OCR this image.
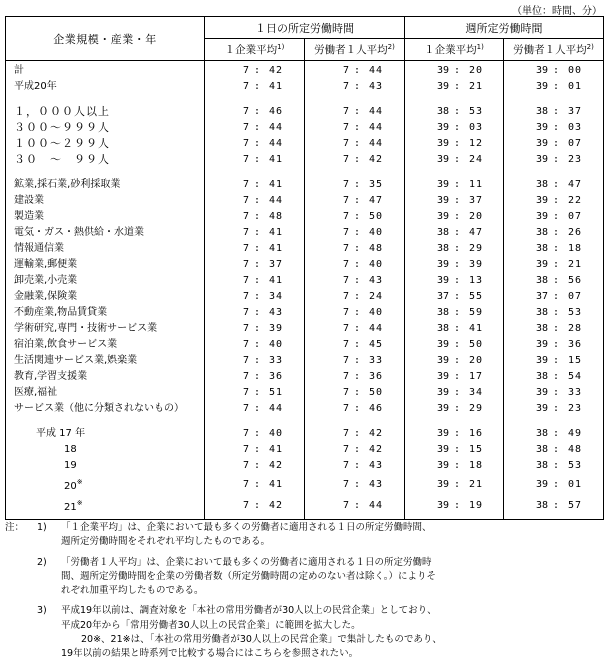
（単位：時間、分）
企業規模・産業・年	１日の所定労働時間		週所定労働時間	
	１企業平均$^{1)}$	労働者１人平均$^{2)}$	１企業平均$^{1)}$	労働者１人平均$^{2)}$
計	7 : 42	7 : 44	39 : 20	39 : 00

平成20年	7 : 41	7 : 43	39 : 21	39 : 01

１，０００人以上	7 : 46	7 : 44	38 : 53	38 : 37

３００～９９９人	7 : 44	7 : 44	39 : 03	39 : 03

１００～２９９人	7 : 44	7 : 44	39 : 12	39 : 07

３０　～　９９人	7 : 41	7 : 42	39 : 24	39 : 23

鉱業,採石業,砂利採取業	7 : 41	7 : 35	39 : 11	38 : 47

建設業	7 : 44	7 : 47	39 : 37	39 : 22

製造業	7 : 48	7 : 50	39 : 20	39 : 07

電気・ガス・熱供給・水道業	7 : 41	7 : 40	38 : 47	38 : 26

情報通信業	7 : 41	7 : 48	38 : 29	38 : 18

運輸業,郵便業	7 : 37	7 : 40	39 : 39	39 : 21

卸売業,小売業	7 : 41	7 : 43	39 : 13	38 : 56

金融業,保険業	7 : 34	7 : 24	37 : 55	37 : 07

不動産業,物品賃貸業	7 : 43	7 : 40	38 : 59	38 : 53

学術研究,専門・技術サービス業	7 : 39	7 : 44	38 : 41	38 : 28

宿泊業,飲食サービス業	7 : 40	7 : 45	39 : 50	39 : 36

生活関連サービス業,娯楽業	7 : 33	7 : 33	39 : 20	39 : 15

教育,学習支援業	7 : 36	7 : 36	39 : 17	38 : 54

医療,福祉	7 : 51	7 : 50	39 : 34	39 : 33

サービス業（他に分類されないもの）	7 : 44	7 : 46	39 : 29	39 : 23

平成 17 年	7 : 40	7 : 42	39 : 16	38 : 49

18	7 : 41	7 : 42	39 : 15	38 : 48

19	7 : 42	7 : 43	39 : 18	38 : 53

20※	7 : 41	7 : 43	39 : 21	39 : 01

21※	7 : 42	7 : 44	39 : 19	38 : 57
注： 1) 「１企業平均」は、企業において最も多くの労働者に適用される１日の所定労働時間、
週所定労働時間をそれぞれ平均したものである。
2) 「労働者１人平均」は、企業において最も多くの労働者に適用される１日の所定労働時
間、週所定労働時間を企業の労働者数（所定労働時間の定めのない者は除く。）によりそ
れぞれ加重平均したものである。
3) 平成19年以前は、調査対象を「本社の常用労働者が30人以上の民営企業」としており、
平成20年から「常用労働者30人以上の民営企業」に範囲を拡大した。
20※、21※は、「本社の常用労働者が30人以上の民営企業」で集計したものであり、
19年以前の結果と時系列で比較する場合にはこちらを参照されたい。
